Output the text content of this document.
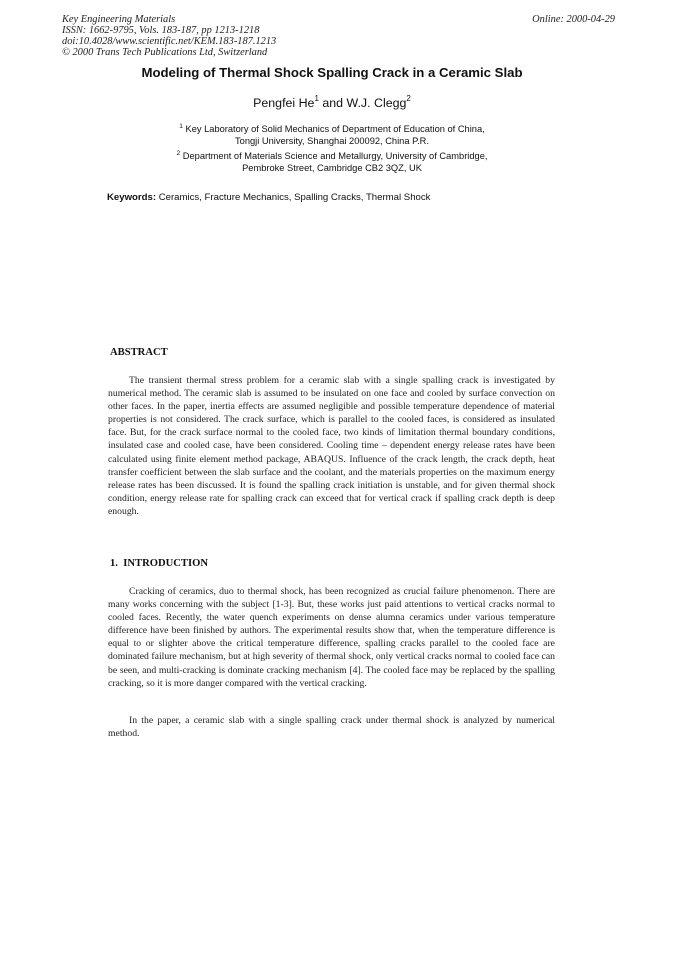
Key Engineering Materials
ISSN: 1662-9795, Vols. 183-187, pp 1213-1218
doi:10.4028/www.scientific.net/KEM.183-187.1213
© 2000 Trans Tech Publications Ltd, Switzerland
Online: 2000-04-29
Modeling of Thermal Shock Spalling Crack in a Ceramic Slab
Pengfei He$^1$ and W.J. Clegg$^2$
$^1$ Key Laboratory of Solid Mechanics of Department of Education of China,
Tongji University, Shanghai 200092, China P.R.
$^2$ Department of Materials Science and Metallurgy, University of Cambridge,
Pembroke Street, Cambridge CB2 3QZ, UK
Keywords: Ceramics, Fracture Mechanics, Spalling Cracks, Thermal Shock
ABSTRACT
The transient thermal stress problem for a ceramic slab with a single spalling crack is investigated by numerical method. The ceramic slab is assumed to be insulated on one face and cooled by surface convection on other faces. In the paper, inertia effects are assumed negligible and possible temperature dependence of material properties is not considered. The crack surface, which is parallel to the cooled faces, is considered as insulated face. But, for the crack surface normal to the cooled face, two kinds of limitation thermal boundary conditions, insulated case and cooled case, have been considered. Cooling time – dependent energy release rates have been calculated using finite element method package, ABAQUS. Influence of the crack length, the crack depth, heat transfer coefficient between the slab surface and the coolant, and the materials properties on the maximum energy release rates has been discussed. It is found the spalling crack initiation is unstable, and for given thermal shock condition, energy release rate for spalling crack can exceed that for vertical crack if spalling crack depth is deep enough.
1.  INTRODUCTION
Cracking of ceramics, duo to thermal shock, has been recognized as crucial failure phenomenon. There are many works concerning with the subject [1-3]. But, these works just paid attentions to vertical cracks normal to cooled faces. Recently, the water quench experiments on dense alumna ceramics under various temperature difference have been finished by authors. The experimental results show that, when the temperature difference is equal to or slighter above the critical temperature difference, spalling cracks parallel to the cooled face are dominated failure mechanism, but at high severity of thermal shock, only vertical cracks normal to cooled face can be seen, and multi-cracking is dominate cracking mechanism [4]. The cooled face may be replaced by the spalling cracking, so it is more danger compared with the vertical cracking.
In the paper, a ceramic slab with a single spalling crack under thermal shock is analyzed by numerical method.
